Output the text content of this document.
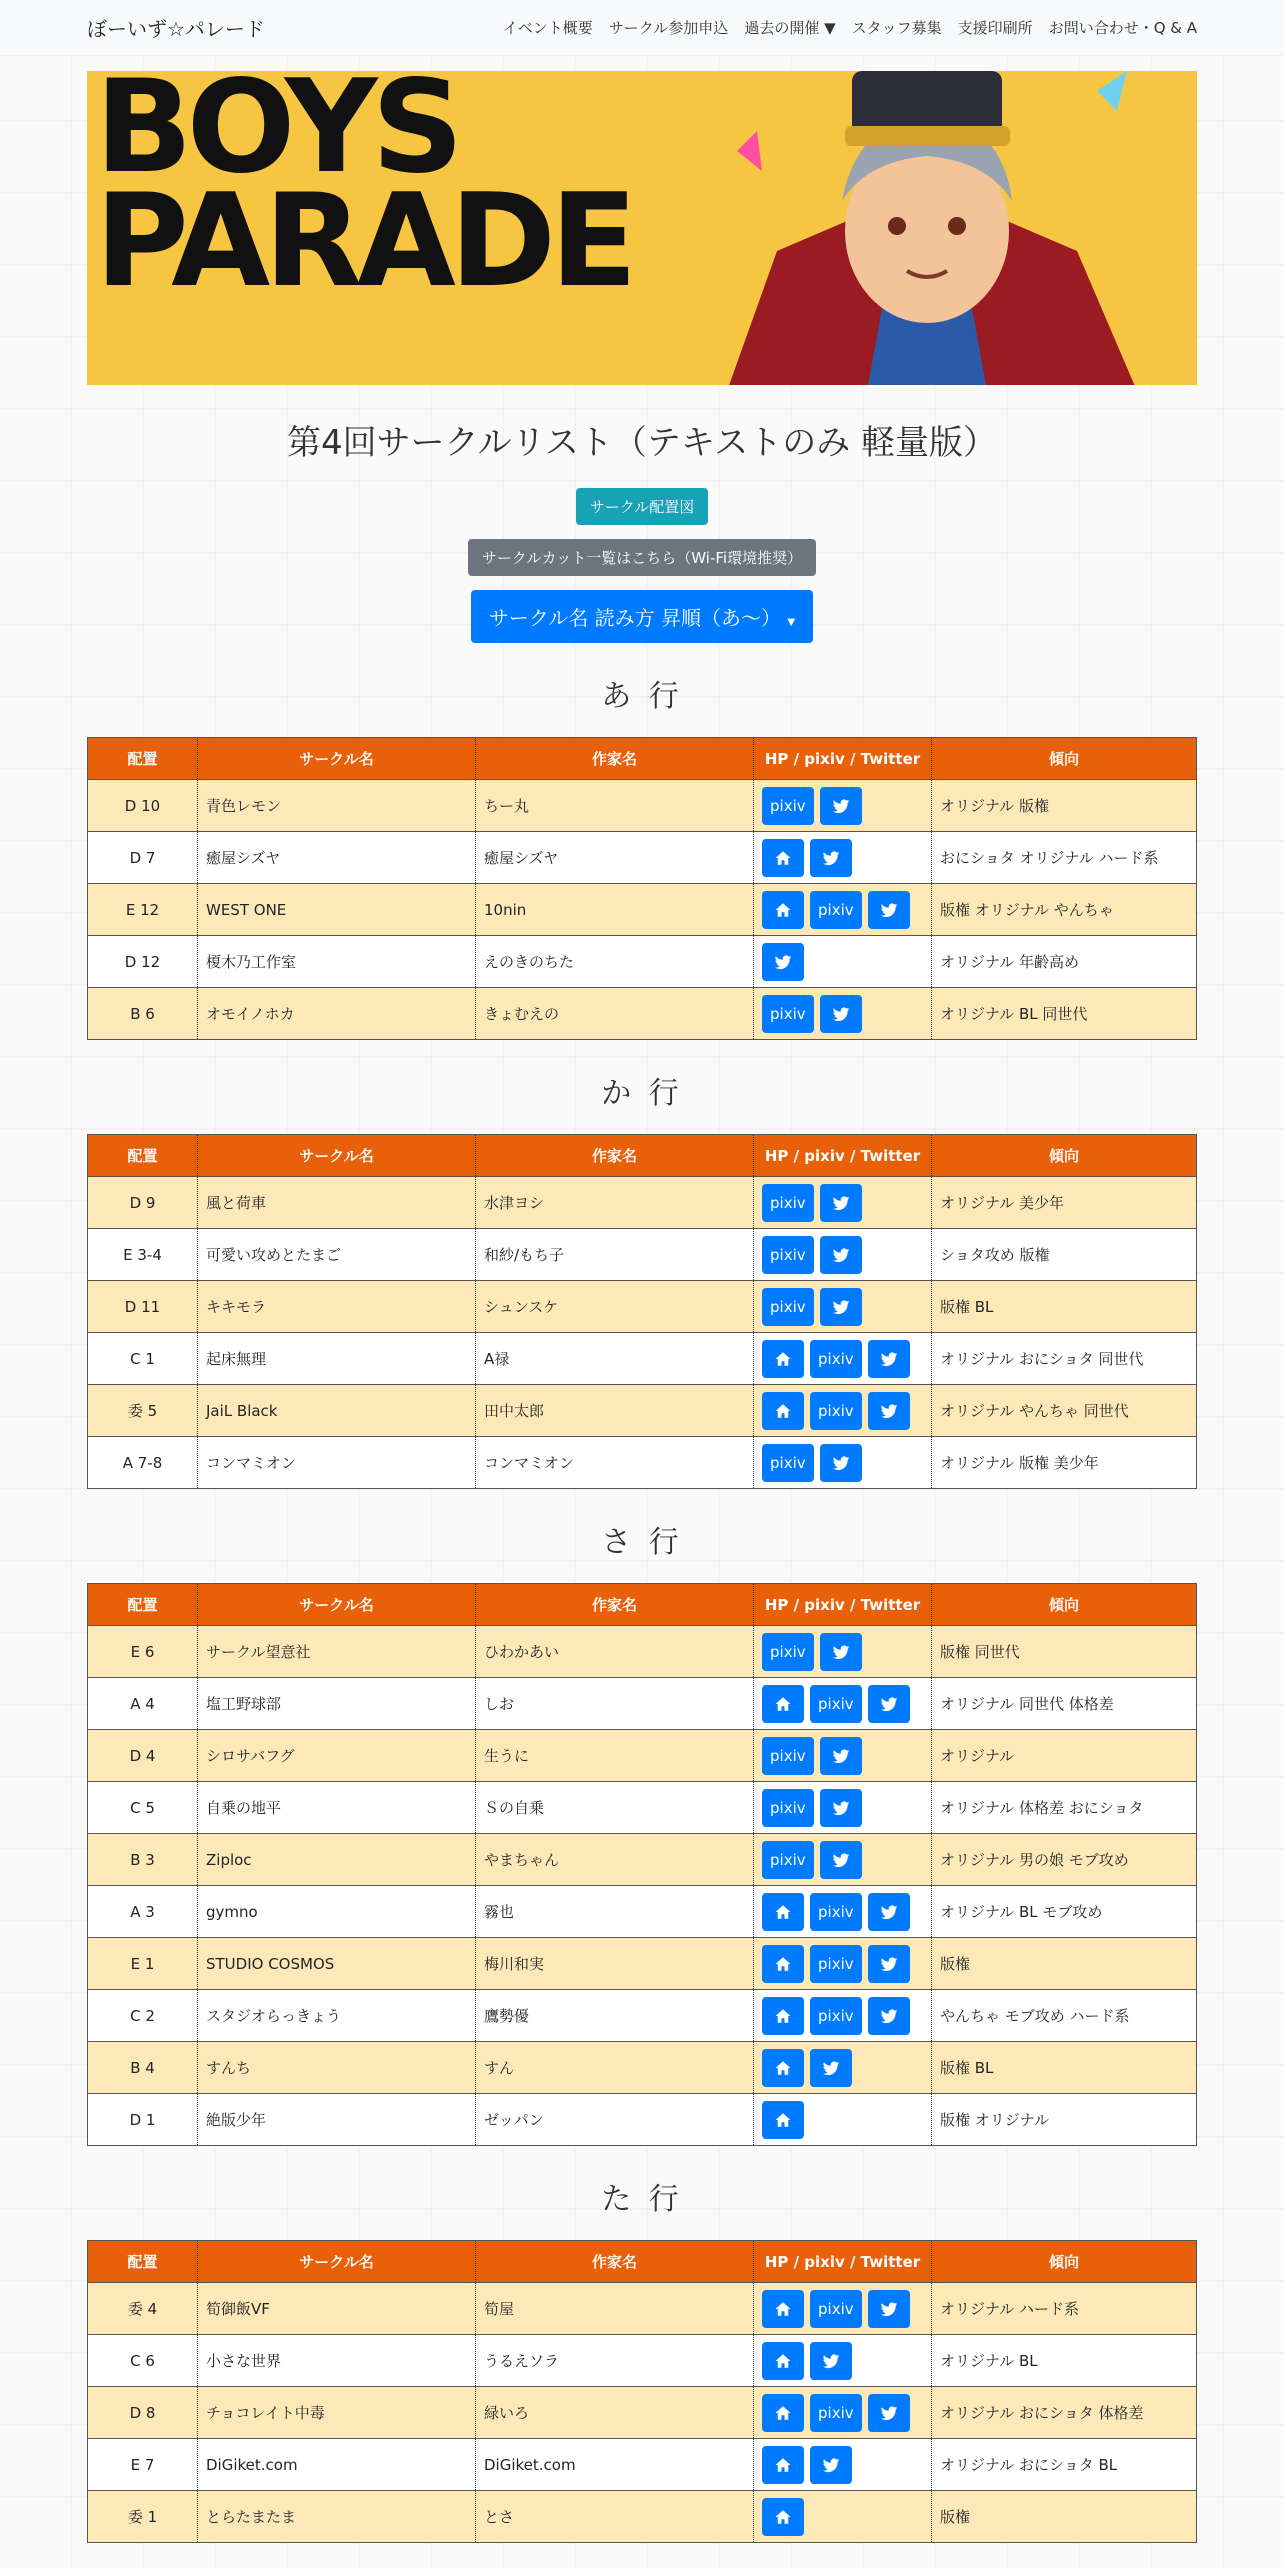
ぼーいず☆パレード	イベント概要 サークル参加申込 過去の開催 ▼ スタッフ募集 支援印刷所 お問い合わせ・Q & A
BOYS
PARADE
第4回サークルリスト（テキストのみ 軽量版）
サークル配置図
サークルカット一覧はこちら（Wi-Fi環境推奨）
サークル名 読み方 昇順（あ～） ▼
あ 行
配置	サークル名	作家名	HP / pixiv / Twitter	傾向
D 10	青色レモン	ちー丸	pixiv	オリジナル 版権
D 7	癒屋シズヤ	癒屋シズヤ		おにショタ オリジナル ハード系
E 12	WEST ONE	10nin	pixiv	版権 オリジナル やんちゃ
D 12	榎木乃工作室	えのきのちた		オリジナル 年齢高め
B 6	オモイノホカ	きょむえの	pixiv	オリジナル BL 同世代
か 行
配置	サークル名	作家名	HP / pixiv / Twitter	傾向
D 9	風と荷車	水津ヨシ	pixiv	オリジナル 美少年
E 3-4	可愛い攻めとたまご	和紗/もち子	pixiv	ショタ攻め 版権
D 11	キキモラ	シュンスケ	pixiv	版権 BL
C 1	起床無理	A禄	pixiv	オリジナル おにショタ 同世代
委 5	JaiL Black	田中太郎	pixiv	オリジナル やんちゃ 同世代
A 7-8	コンマミオン	コンマミオン	pixiv	オリジナル 版権 美少年
さ 行
配置	サークル名	作家名	HP / pixiv / Twitter	傾向
E 6	サークル望意社	ひわかあい	pixiv	版権 同世代
A 4	塩工野球部	しお	pixiv	オリジナル 同世代 体格差
D 4	シロサバフグ	生うに	pixiv	オリジナル
C 5	自乗の地平	Ｓの自乗	pixiv	オリジナル 体格差 おにショタ
B 3	Ziploc	やまちゃん	pixiv	オリジナル 男の娘 モブ攻め
A 3	gymno	霧也	pixiv	オリジナル BL モブ攻め
E 1	STUDIO COSMOS	梅川和実	pixiv	版権
C 2	スタジオらっきょう	鷹勢優	pixiv	やんちゃ モブ攻め ハード系
B 4	すんち	すん		版権 BL
D 1	絶版少年	ゼッパン		版権 オリジナル
た 行
配置	サークル名	作家名	HP / pixiv / Twitter	傾向
委 4	筍御飯VF	筍屋	pixiv	オリジナル ハード系
C 6	小さな世界	うるえソラ		オリジナル BL
D 8	チョコレイト中毒	緑いろ	pixiv	オリジナル おにショタ 体格差
E 7	DiGiket.com	DiGiket.com		オリジナル おにショタ BL
委 1	とらたまたま	とさ		版権
